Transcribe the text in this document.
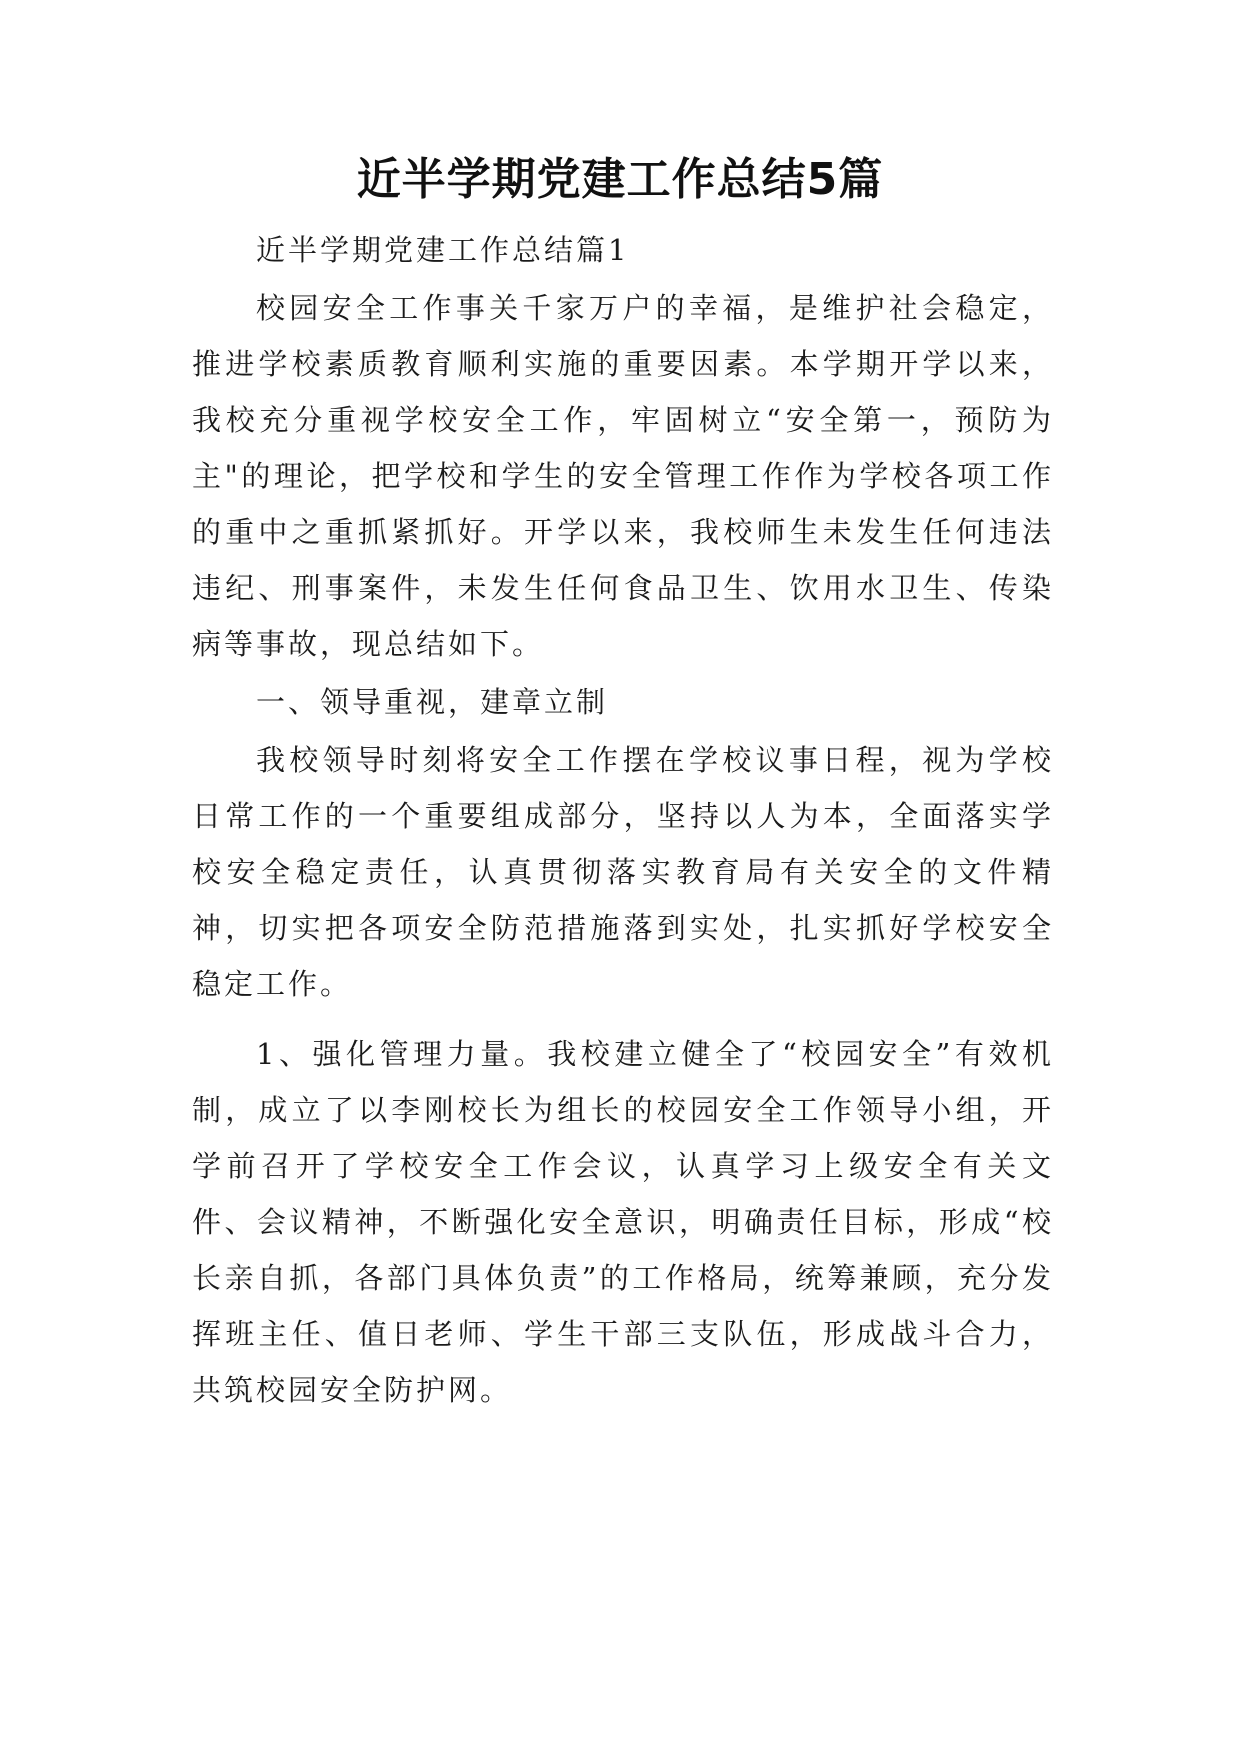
近半学期党建工作总结5篇

近半学期党建工作总结篇1

校园安全工作事关千家万户的幸福，是维护社会稳定，推进学校素质教育顺利实施的重要因素。本学期开学以来，我校充分重视学校安全工作，牢固树立“安全第一，预防为主"的理论，把学校和学生的安全管理工作作为学校各项工作的重中之重抓紧抓好。开学以来，我校师生未发生任何违法违纪、刑事案件，未发生任何食品卫生、饮用水卫生、传染病等事故，现总结如下。

一、领导重视，建章立制

我校领导时刻将安全工作摆在学校议事日程，视为学校日常工作的一个重要组成部分，坚持以人为本，全面落实学校安全稳定责任，认真贯彻落实教育局有关安全的文件精神，切实把各项安全防范措施落到实处，扎实抓好学校安全稳定工作。

1、强化管理力量。我校建立健全了“校园安全”有效机制，成立了以李刚校长为组长的校园安全工作领导小组，开学前召开了学校安全工作会议，认真学习上级安全有关文件、会议精神，不断强化安全意识，明确责任目标，形成“校长亲自抓，各部门具体负责”的工作格局，统筹兼顾，充分发挥班主任、值日老师、学生干部三支队伍，形成战斗合力，共筑校园安全防护网。
